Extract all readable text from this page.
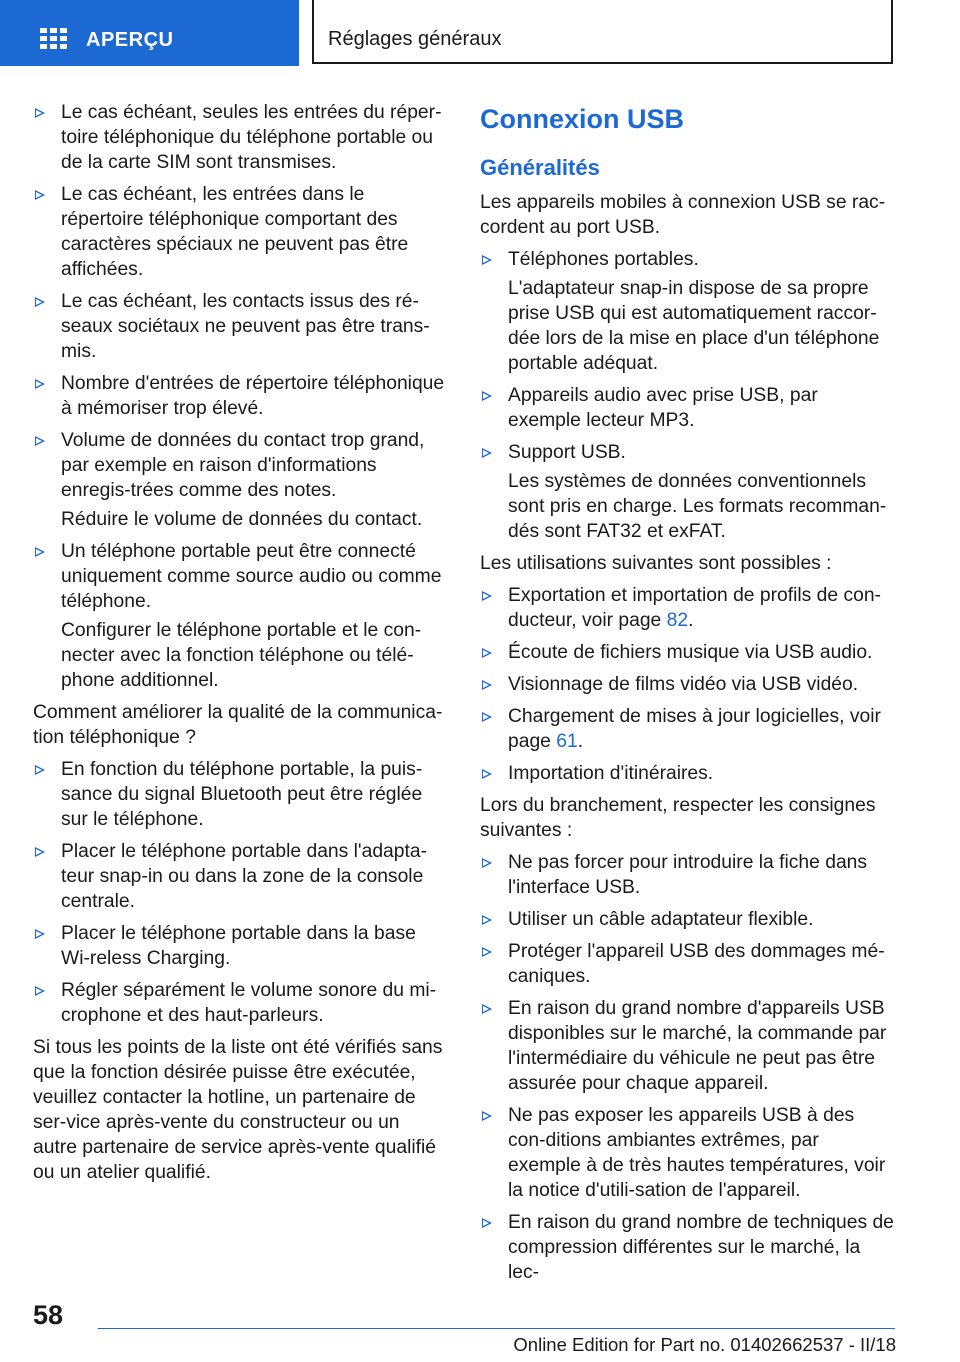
APERÇU	Réglages généraux
Le cas échéant, seules les entrées du réper‐toire téléphonique du téléphone portable ou de la carte SIM sont transmises.
Le cas échéant, les entrées dans le répertoire téléphonique comportant des caractères spéciaux ne peuvent pas être affichées.
Le cas échéant, les contacts issus des ré‐seaux sociétaux ne peuvent pas être trans‐mis.
Nombre d'entrées de répertoire téléphonique à mémoriser trop élevé.
Volume de données du contact trop grand, par exemple en raison d'informations enregis‐trées comme des notes.
Réduire le volume de données du contact.
Un téléphone portable peut être connecté uniquement comme source audio ou comme téléphone.
Configurer le téléphone portable et le con‐necter avec la fonction téléphone ou télé‐phone additionnel.
Comment améliorer la qualité de la communica‐tion téléphonique ?
En fonction du téléphone portable, la puis‐sance du signal Bluetooth peut être réglée sur le téléphone.
Placer le téléphone portable dans l'adapta‐teur snap-in ou dans la zone de la console centrale.
Placer le téléphone portable dans la base Wi‐reless Charging.
Régler séparément le volume sonore du mi‐crophone et des haut-parleurs.
Si tous les points de la liste ont été vérifiés sans que la fonction désirée puisse être exécutée, veuillez contacter la hotline, un partenaire de ser‐vice après-vente du constructeur ou un autre partenaire de service après-vente qualifié ou un atelier qualifié.
Connexion USB
Généralités
Les appareils mobiles à connexion USB se rac‐cordent au port USB.
Téléphones portables.
L'adaptateur snap-in dispose de sa propre prise USB qui est automatiquement raccor‐dée lors de la mise en place d'un téléphone portable adéquat.
Appareils audio avec prise USB, par exemple lecteur MP3.
Support USB.
Les systèmes de données conventionnels sont pris en charge. Les formats recomman‐dés sont FAT32 et exFAT.
Les utilisations suivantes sont possibles :
Exportation et importation de profils de con‐ducteur, voir page 82.
Écoute de fichiers musique via USB audio.
Visionnage de films vidéo via USB vidéo.
Chargement de mises à jour logicielles, voir page 61.
Importation d'itinéraires.
Lors du branchement, respecter les consignes suivantes :
Ne pas forcer pour introduire la fiche dans l'interface USB.
Utiliser un câble adaptateur flexible.
Protéger l'appareil USB des dommages mé‐caniques.
En raison du grand nombre d'appareils USB disponibles sur le marché, la commande par l'intermédiaire du véhicule ne peut pas être assurée pour chaque appareil.
Ne pas exposer les appareils USB à des con‐ditions ambiantes extrêmes, par exemple à de très hautes températures, voir la notice d'utili‐sation de l'appareil.
En raison du grand nombre de techniques de compression différentes sur le marché, la lec‐
58
Online Edition for Part no. 01402662537 - II/18
